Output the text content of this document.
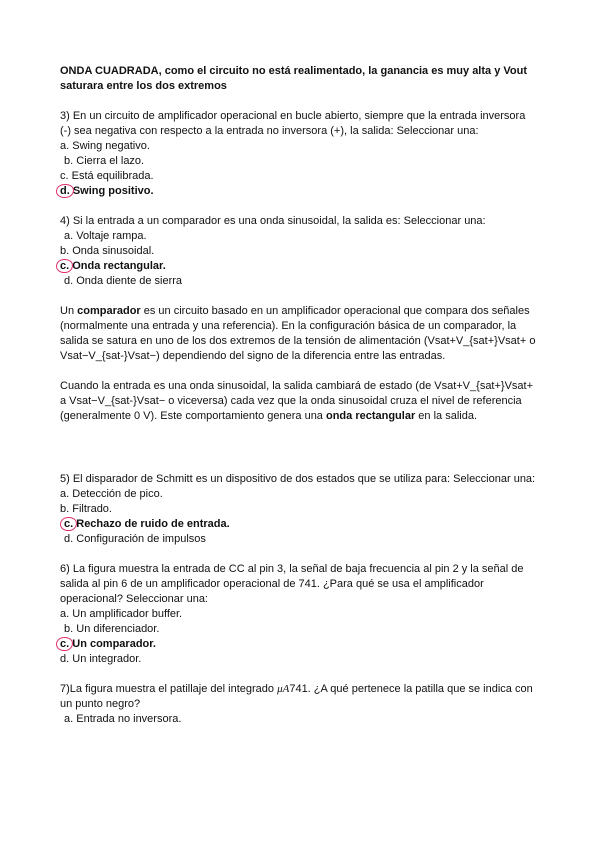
ONDA CUADRADA, como el circuito no está realimentado, la ganancia es muy alta y Vout saturara entre los dos extremos

3) En un circuito de amplificador operacional en bucle abierto, siempre que la entrada inversora (-) sea negativa con respecto a la entrada no inversora (+), la salida: Seleccionar una:

a. Swing negativo.

b. Cierra el lazo.

c. Está equilibrada.

d. Swing positivo.

4) Si la entrada a un comparador es una onda sinusoidal, la salida es: Seleccionar una:

a. Voltaje rampa.

b. Onda sinusoidal.

c. Onda rectangular.

d. Onda diente de sierra

Un comparador es un circuito basado en un amplificador operacional que compara dos señales (normalmente una entrada y una referencia). En la configuración básica de un comparador, la salida se satura en uno de los dos extremos de la tensión de alimentación (Vsat+V_{sat+}Vsat+ o Vsat−V_{sat-}Vsat−) dependiendo del signo de la diferencia entre las entradas.

Cuando la entrada es una onda sinusoidal, la salida cambiará de estado (de Vsat+V_{sat+}Vsat+ a Vsat−V_{sat-}Vsat− o viceversa) cada vez que la onda sinusoidal cruza el nivel de referencia (generalmente 0 V). Este comportamiento genera una onda rectangular en la salida.

5) El disparador de Schmitt es un dispositivo de dos estados que se utiliza para: Seleccionar una:

a. Detección de pico.

b. Filtrado.

c. Rechazo de ruido de entrada.

d. Configuración de impulsos

6) La figura muestra la entrada de CC al pin 3, la señal de baja frecuencia al pin 2 y la señal de salida al pin 6 de un amplificador operacional de 741. ¿Para qué se usa el amplificador operacional? Seleccionar una:

a. Un amplificador buffer.

b. Un diferenciador.

c. Un comparador.

d. Un integrador.

7)La figura muestra el patillaje del integrado μA741. ¿A qué pertenece la patilla que se indica con un punto negro?

a. Entrada no inversora.
